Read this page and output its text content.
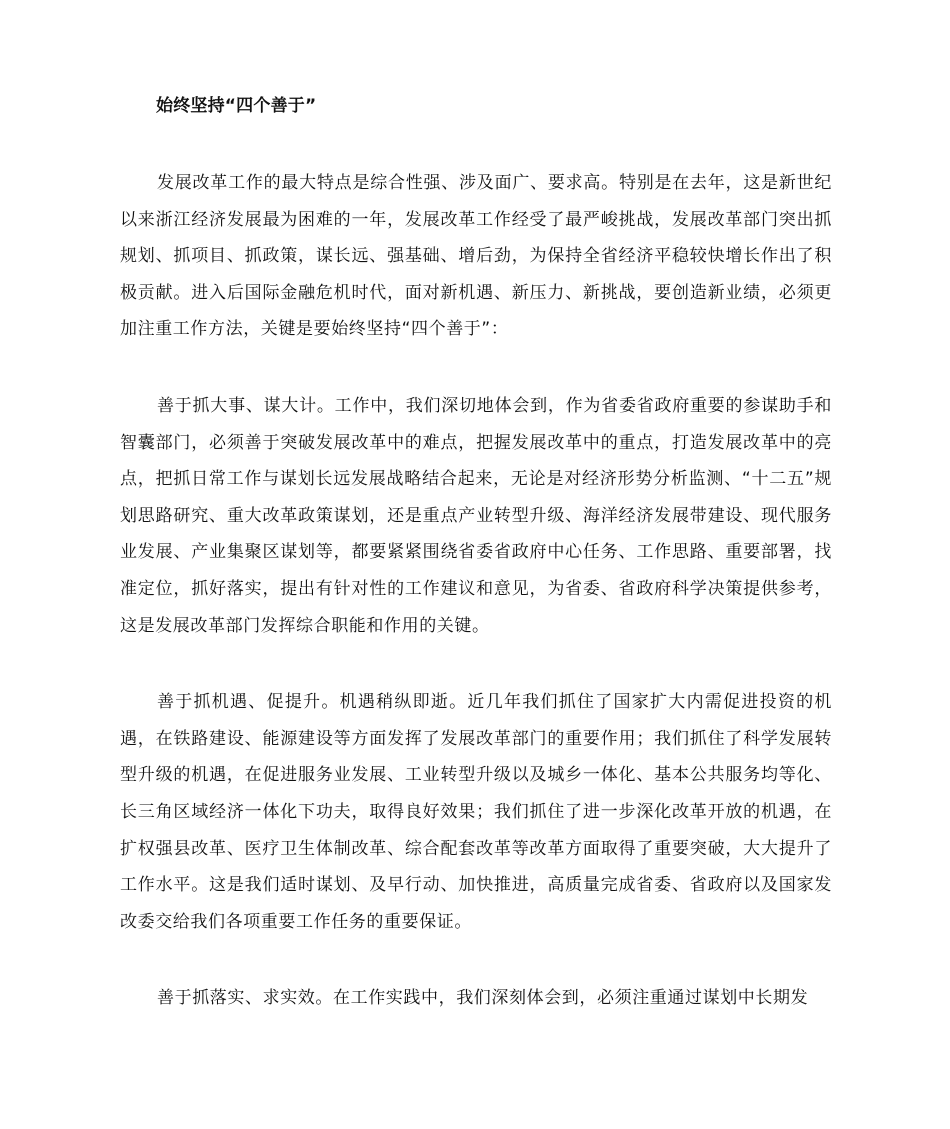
始终坚持“四个善于”

发展改革工作的最大特点是综合性强、涉及面广、要求高。特别是在去年，这是新世纪以来浙江经济发展最为困难的一年，发展改革工作经受了最严峻挑战，发展改革部门突出抓规划、抓项目、抓政策，谋长远、强基础、增后劲，为保持全省经济平稳较快增长作出了积极贡献。进入后国际金融危机时代，面对新机遇、新压力、新挑战，要创造新业绩，必须更加注重工作方法，关键是要始终坚持“四个善于”：

善于抓大事、谋大计。工作中，我们深切地体会到，作为省委省政府重要的参谋助手和智囊部门，必须善于突破发展改革中的难点，把握发展改革中的重点，打造发展改革中的亮点，把抓日常工作与谋划长远发展战略结合起来，无论是对经济形势分析监测、“十二五”规划思路研究、重大改革政策谋划，还是重点产业转型升级、海洋经济发展带建设、现代服务业发展、产业集聚区谋划等，都要紧紧围绕省委省政府中心任务、工作思路、重要部署，找准定位，抓好落实，提出有针对性的工作建议和意见，为省委、省政府科学决策提供参考，这是发展改革部门发挥综合职能和作用的关键。

善于抓机遇、促提升。机遇稍纵即逝。近几年我们抓住了国家扩大内需促进投资的机遇，在铁路建设、能源建设等方面发挥了发展改革部门的重要作用；我们抓住了科学发展转型升级的机遇，在促进服务业发展、工业转型升级以及城乡一体化、基本公共服务均等化、长三角区域经济一体化下功夫，取得良好效果；我们抓住了进一步深化改革开放的机遇，在扩权强县改革、医疗卫生体制改革、综合配套改革等改革方面取得了重要突破，大大提升了工作水平。这是我们适时谋划、及早行动、加快推进，高质量完成省委、省政府以及国家发改委交给我们各项重要工作任务的重要保证。

善于抓落实、求实效。在工作实践中，我们深刻体会到，必须注重通过谋划中长期发
